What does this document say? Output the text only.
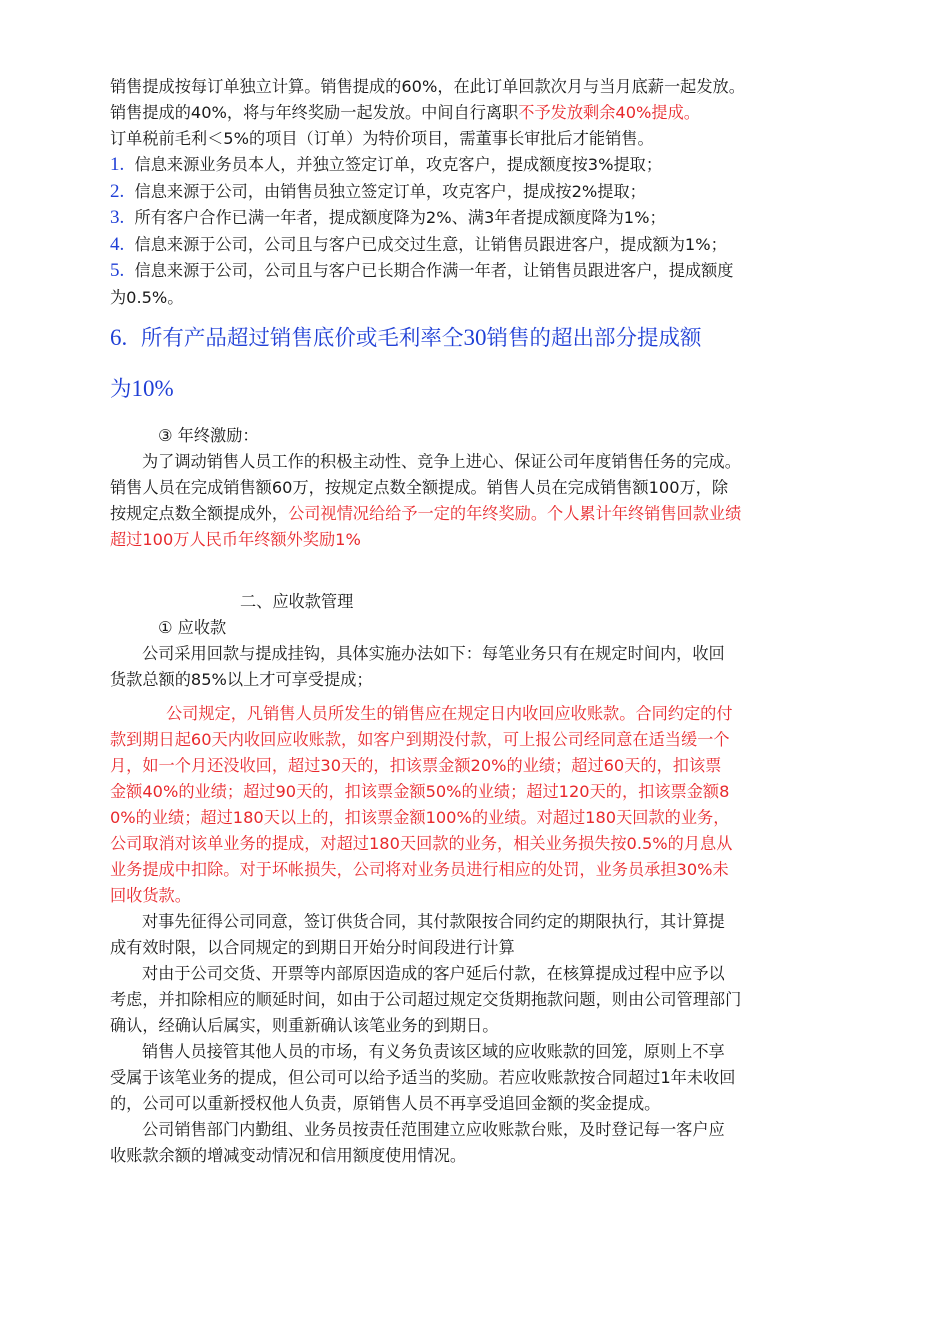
销售提成按每订单独立计算。销售提成的60%，在此订单回款次月与当月底薪一起发放。

销售提成的40%，将与年终奖励一起发放。中间自行离职不予发放剩余40%提成。

订单税前毛利＜5%的项目（订单）为特价项目，需董事长审批后才能销售。

1. 信息来源业务员本人，并独立签定订单，攻克客户，提成额度按3%提取；

2. 信息来源于公司，由销售员独立签定订单，攻克客户，提成按2%提取；

3. 所有客户合作已满一年者，提成额度降为2%、满3年者提成额度降为1%；

4. 信息来源于公司，公司且与客户已成交过生意，让销售员跟进客户，提成额为1%；

5. 信息来源于公司，公司且与客户已长期合作满一年者，让销售员跟进客户，提成额度

为0.5%。

6. 所有产品超过销售底价或毛利率仝30销售的超出部分提成额

为10%

③ 年终激励：

为了调动销售人员工作的积极主动性、竞争上进心、保证公司年度销售任务的完成。

销售人员在完成销售额60万，按规定点数全额提成。销售人员在完成销售额100万，除

按规定点数全额提成外，公司视情况给给予一定的年终奖励。个人累计年终销售回款业绩

超过100万人民币年终额外奖励1%

二、应收款管理

① 应收款

公司采用回款与提成挂钩，具体实施办法如下：每笔业务只有在规定时间内，收回

货款总额的85%以上才可享受提成；

公司规定，凡销售人员所发生的销售应在规定日内收回应收账款。合同约定的付

款到期日起60天内收回应收账款，如客户到期没付款，可上报公司经同意在适当缓一个

月，如一个月还没收回，超过30天的，扣该票金额20%的业绩；超过60天的，扣该票

金额40%的业绩；超过90天的，扣该票金额50%的业绩；超过120天的，扣该票金额8

0%的业绩；超过180天以上的，扣该票金额100%的业绩。对超过180天回款的业务，

公司取消对该单业务的提成，对超过180天回款的业务，相关业务损失按0.5%的月息从

业务提成中扣除。对于坏帐损失，公司将对业务员进行相应的处罚，业务员承担30%未

回收货款。

对事先征得公司同意，签订供货合同，其付款限按合同约定的期限执行，其计算提

成有效时限，以合同规定的到期日开始分时间段进行计算

对由于公司交货、开票等内部原因造成的客户延后付款，在核算提成过程中应予以

考虑，并扣除相应的顺延时间，如由于公司超过规定交货期拖款问题，则由公司管理部门

确认，经确认后属实，则重新确认该笔业务的到期日。

销售人员接管其他人员的市场，有义务负责该区域的应收账款的回笼，原则上不享

受属于该笔业务的提成，但公司可以给予适当的奖励。若应收账款按合同超过1年未收回

的，公司可以重新授权他人负责，原销售人员不再享受追回金额的奖金提成。

公司销售部门内勤组、业务员按责任范围建立应收账款台账，及时登记每一客户应

收账款余额的增减变动情况和信用额度使用情况。
